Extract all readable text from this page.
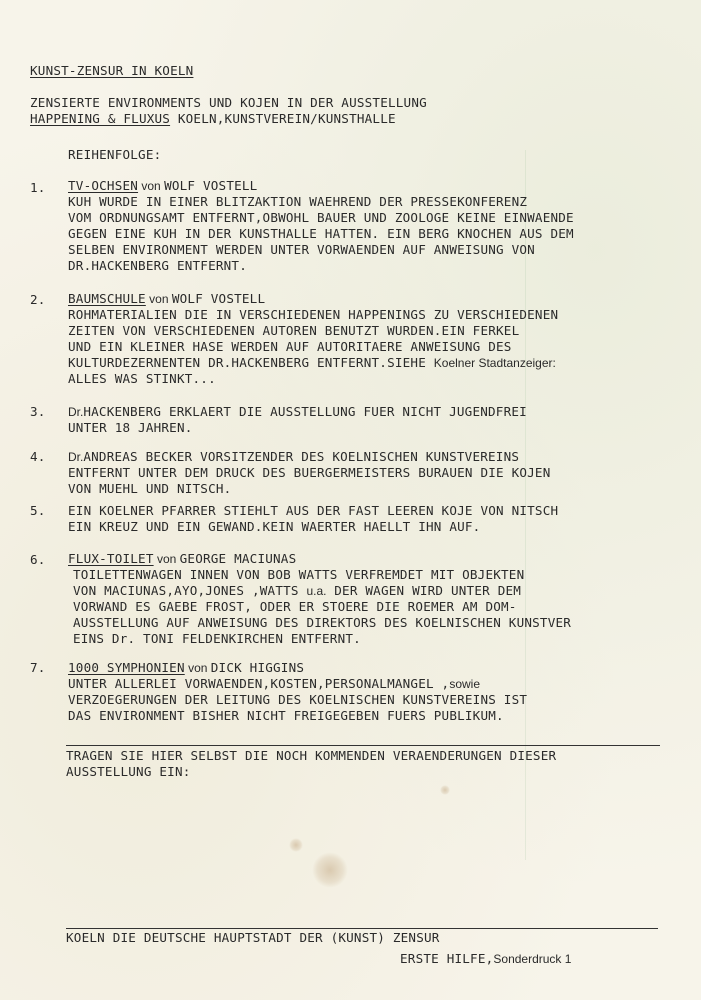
KUNST-ZENSUR IN KOELN
ZENSIERTE ENVIRONMENTS UND KOJEN IN DER AUSSTELLUNG
HAPPENING & FLUXUS KOELN,KUNSTVEREIN/KUNSTHALLE
REIHENFOLGE:
1. TV-OCHSEN von WOLF VOSTELL
KUH WURDE IN EINER BLITZAKTION WAEHREND DER PRESSEKONFERENZ
VOM ORDNUNGSAMT ENTFERNT,OBWOHL BAUER UND ZOOLOGE KEINE EINWAENDE
GEGEN EINE KUH IN DER KUNSTHALLE HATTEN. EIN BERG KNOCHEN AUS DEM
SELBEN ENVIRONMENT WERDEN UNTER VORWAENDEN AUF ANWEISUNG VON
DR.HACKENBERG ENTFERNT.
2. BAUMSCHULE von WOLF VOSTELL
ROHMATERIALIEN DIE IN VERSCHIEDENEN HAPPENINGS ZU VERSCHIEDENEN
ZEITEN VON VERSCHIEDENEN AUTOREN BENUTZT WURDEN.EIN FERKEL
UND EIN KLEINER HASE WERDEN AUF AUTORITAERE ANWEISUNG DES
KULTURDEZERNENTEN DR.HACKENBERG ENTFERNT.SIEHE Koelner Stadtanzeiger:
ALLES WAS STINKT...
3. Dr.HACKENBERG ERKLAERT DIE AUSSTELLUNG FUER NICHT JUGENDFREI
UNTER 18 JAHREN.
4. Dr.ANDREAS BECKER VORSITZENDER DES KOELNISCHEN KUNSTVEREINS
ENTFERNT UNTER DEM DRUCK DES BUERGERMEISTERS BURAUEN DIE KOJEN
VON MUEHL UND NITSCH.
5. EIN KOELNER PFARRER STIEHLT AUS DER FAST LEEREN KOJE VON NITSCH
EIN KREUZ UND EIN GEWAND.KEIN WAERTER HAELLT IHN AUF.
6. FLUX-TOILET von GEORGE MACIUNAS
TOILETTENWAGEN INNEN VON BOB WATTS VERFREMDET MIT OBJEKTEN
VON MACIUNAS,AYO,JONES ,WATTS u.a. DER WAGEN WIRD UNTER DEM
VORWAND ES GAEBE FROST, ODER ER STOERE DIE ROEMER AM DOM-
AUSSTELLUNG AUF ANWEISUNG DES DIREKTORS DES KOELNISCHEN KUNSTVER
EINS Dr. TONI FELDENKIRCHEN ENTFERNT.
7. 1000 SYMPHONIEN von DICK HIGGINS
UNTER ALLERLEI VORWAENDEN,KOSTEN,PERSONALMANGEL ,sowie
VERZOEGERUNGEN DER LEITUNG DES KOELNISCHEN KUNSTVEREINS IST
DAS ENVIRONMENT BISHER NICHT FREIGEGEBEN FUERS PUBLIKUM.
TRAGEN SIE HIER SELBST DIE NOCH KOMMENDEN VERAENDERUNGEN DIESER
AUSSTELLUNG EIN:
KOELN DIE DEUTSCHE HAUPTSTADT DER (KUNST) ZENSUR
ERSTE HILFE,Sonderdruck 1
